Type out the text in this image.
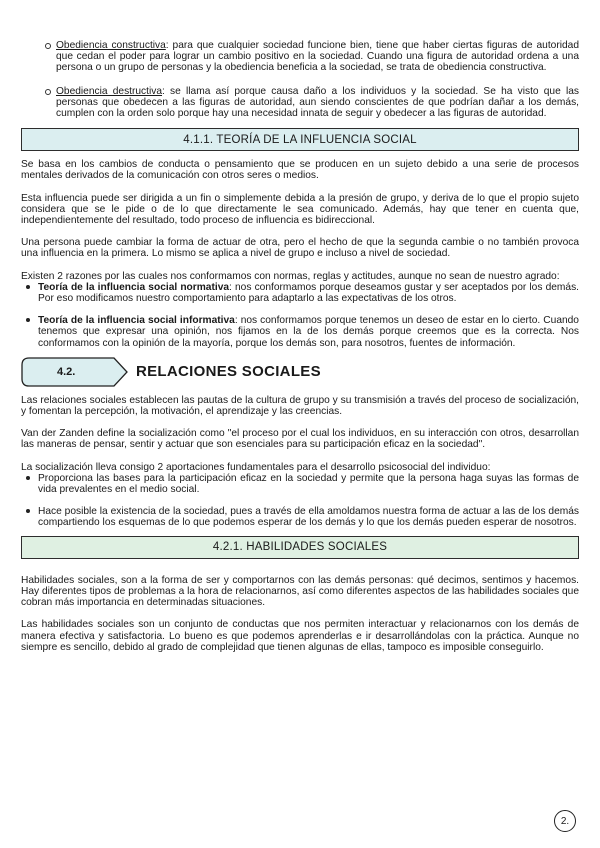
Obediencia constructiva: para que cualquier sociedad funcione bien, tiene que haber ciertas figuras de autoridad que cedan el poder para lograr un cambio positivo en la sociedad. Cuando una figura de autoridad ordena a una persona o un grupo de personas y la obediencia beneficia a la sociedad, se trata de obediencia constructiva.
Obediencia destructiva: se llama así porque causa daño a los individuos y la sociedad. Se ha visto que las personas que obedecen a las figuras de autoridad, aun siendo conscientes de que podrían dañar a los demás, cumplen con la orden solo porque hay una necesidad innata de seguir y obedecer a las figuras de autoridad.
4.1.1. TEORÍA DE LA INFLUENCIA SOCIAL

Se basa en los cambios de conducta o pensamiento que se producen en un sujeto debido a una serie de procesos mentales derivados de la comunicación con otros seres o medios.

Esta influencia puede ser dirigida a un fin o simplemente debida a la presión de grupo, y deriva de lo que el propio sujeto considera que se le pide o de lo que directamente le sea comunicado. Además, hay que tener en cuenta que, independientemente del resultado, todo proceso de influencia es bidireccional.

Una persona puede cambiar la forma de actuar de otra, pero el hecho de que la segunda cambie o no también provoca una influencia en la primera. Lo mismo se aplica a nivel de grupo e incluso a nivel de sociedad.

Existen 2 razones por las cuales nos conformamos con normas, reglas y actitudes, aunque no sean de nuestro agrado:

Teoría de la influencia social normativa: nos conformamos porque deseamos gustar y ser aceptados por los demás. Por eso modificamos nuestro comportamiento para adaptarlo a las expectativas de los otros.
Teoría de la influencia social informativa: nos conformamos porque tenemos un deseo de estar en lo cierto. Cuando tenemos que expresar una opinión, nos fijamos en la de los demás porque creemos que es la correcta. Nos conformamos con la opinión de la mayoría, porque los demás son, para nosotros, fuentes de información.
4.2.	RELACIONES SOCIALES

Las relaciones sociales establecen las pautas de la cultura de grupo y su transmisión a través del proceso de socialización, y fomentan la percepción, la motivación, el aprendizaje y las creencias.

Van der Zanden define la socialización como "el proceso por el cual los individuos, en su interacción con otros, desarrollan las maneras de pensar, sentir y actuar que son esenciales para su participación eficaz en la sociedad".

La socialización lleva consigo 2 aportaciones fundamentales para el desarrollo psicosocial del individuo:

Proporciona las bases para la participación eficaz en la sociedad y permite que la persona haga suyas las formas de vida prevalentes en el medio social.
Hace posible la existencia de la sociedad, pues a través de ella amoldamos nuestra forma de actuar a las de los demás compartiendo los esquemas de lo que podemos esperar de los demás y lo que los demás pueden esperar de nosotros.
4.2.1. HABILIDADES SOCIALES

Habilidades sociales, son a la forma de ser y comportarnos con las demás personas: qué decimos, sentimos y hacemos. Hay diferentes tipos de problemas a la hora de relacionarnos, así como diferentes aspectos de las habilidades sociales que cobran más importancia en determinadas situaciones.

Las habilidades sociales son un conjunto de conductas que nos permiten interactuar y relacionarnos con los demás de manera efectiva y satisfactoria. Lo bueno es que podemos aprenderlas e ir desarrollándolas con la práctica. Aunque no siempre es sencillo, debido al grado de complejidad que tienen algunas de ellas, tampoco es imposible conseguirlo.

2.
